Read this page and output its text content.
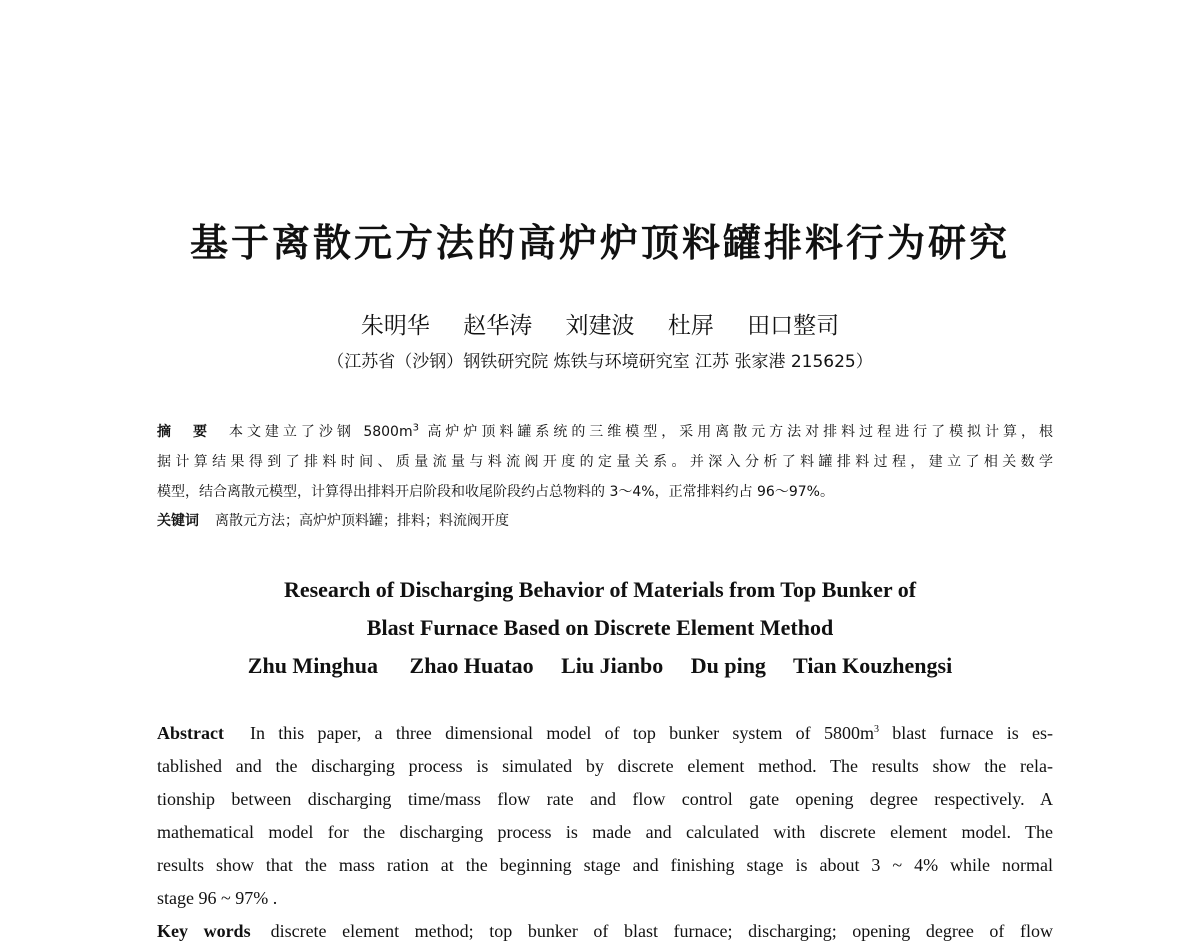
基于离散元方法的高炉炉顶料罐排料行为研究
朱明华 赵华涛 刘建波 杜屏 田口整司
（江苏省（沙钢）钢铁研究院 炼铁与环境研究室 江苏 张家港 215625）
摘　要 本文建立了沙钢 $5800m^3$ 高炉炉顶料罐系统的三维模型，采用离散元方法对排料过程进行了模拟计算，根
据计算结果得到了排料时间、质量流量与料流阀开度的定量关系。并深入分析了料罐排料过程，建立了相关数学
模型，结合离散元模型，计算得出排料开启阶段和收尾阶段约占总物料的 3～4%，正常排料约占 96～97%。
关键词 离散元方法；高炉炉顶料罐；排料；料流阀开度
Research of Discharging Behavior of Materials from Top Bunker of
Blast Furnace Based on Discrete Element Method
Zhu Minghua Zhao Huatao Liu Jianbo Du ping Tian Kouzhengsi
Abstract In this paper, a three dimensional model of top bunker system of $5800m^3$ blast furnace is es-
tablished and the discharging process is simulated by discrete element method. The results show the rela-
tionship between discharging time/mass flow rate and flow control gate opening degree respectively. A
mathematical model for the discharging process is made and calculated with discrete element model. The
results show that the mass ration at the beginning stage and finishing stage is about 3 ~ 4% while normal
stage 96 ~ 97% .
Key words discrete element method; top bunker of blast furnace; discharging; opening degree of flow
